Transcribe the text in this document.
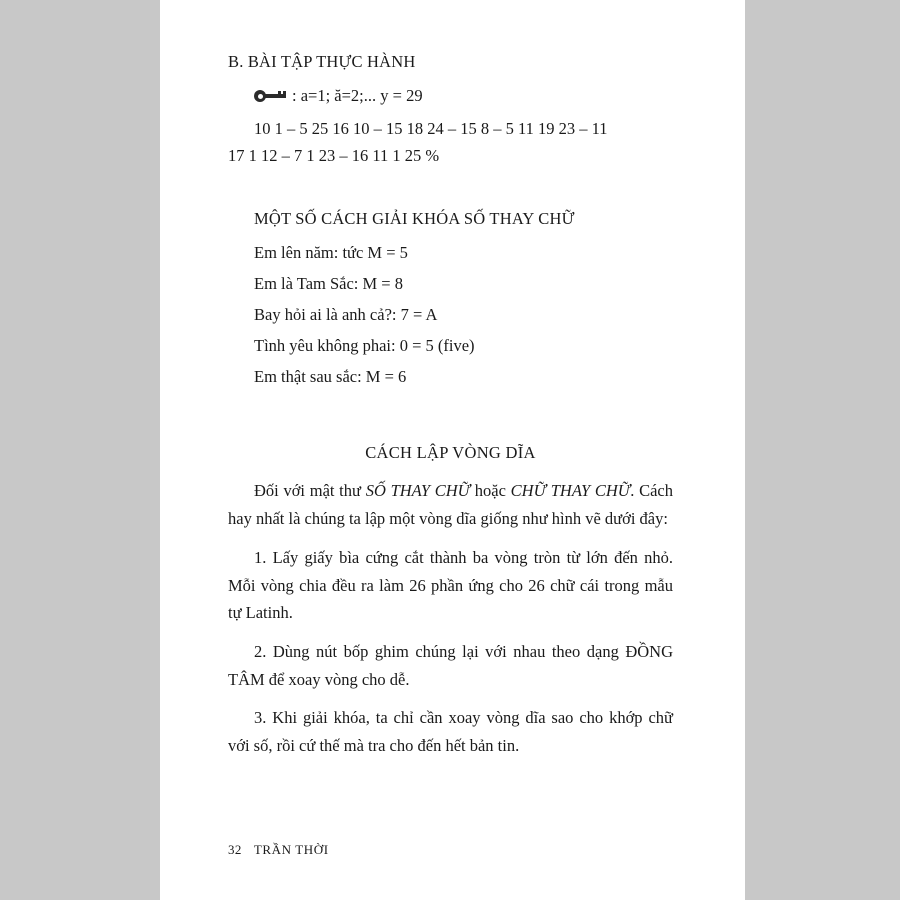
B. BÀI TẬP THỰC HÀNH
: a=1; ă=2;... y = 29
10 1 – 5 25 16 10 – 15 18 24 – 15 8 – 5 11 19 23 – 11
17 1 12 – 7 1 23 – 16 11 1 25 %
MỘT SỐ CÁCH GIẢI KHÓA SỐ THAY CHỮ
Em lên năm: tức M = 5
Em là Tam Sắc: M = 8
Bay hỏi ai là anh cả?: 7 = A
Tình yêu không phai: 0 = 5 (five)
Em thật sau sắc: M = 6
CÁCH LẬP VÒNG DĨA

Đối với mật thư SỐ THAY CHỮ hoặc CHỮ THAY CHỮ. Cách hay nhất là chúng ta lập một vòng dĩa giống như hình vẽ dưới đây:

1. Lấy giấy bìa cứng cắt thành ba vòng tròn từ lớn đến nhỏ. Mỗi vòng chia đều ra làm 26 phần ứng cho 26 chữ cái trong mẫu tự Latinh.

2. Dùng nút bốp ghim chúng lại với nhau theo dạng ĐỒNG TÂM để xoay vòng cho dễ.

3. Khi giải khóa, ta chỉ cần xoay vòng dĩa sao cho khớp chữ với số, rồi cứ thế mà tra cho đến hết bản tin.

32 TRẦN THỜI
